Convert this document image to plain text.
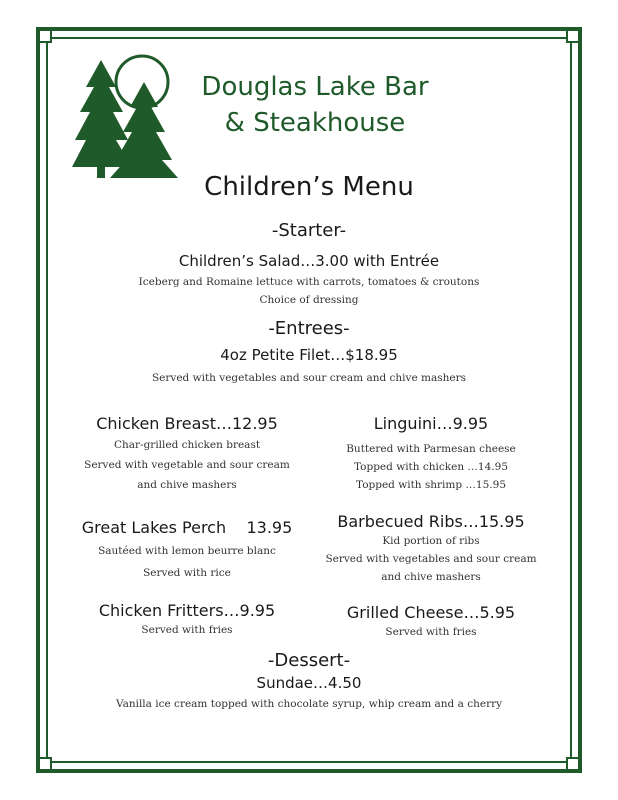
Douglas Lake Bar
& Steakhouse
Children’s Menu
-Starter-
Children’s Salad…3.00 with Entrée
Iceberg and Romaine lettuce with carrots, tomatoes & croutons
Choice of dressing
-Entrees-
4oz Petite Filet…$18.95
Served with vegetables and sour cream and chive mashers
Chicken Breast…12.95
Char-grilled chicken breast
Served with vegetable and sour cream
and chive mashers
Great Lakes Perch    13.95
Sautéed with lemon beurre blanc
Served with rice
Chicken Fritters…9.95
Served with fries
Linguini…9.95
Buttered with Parmesan cheese
Topped with chicken …14.95
Topped with shrimp …15.95
Barbecued Ribs…15.95
Kid portion of ribs
Served with vegetables and sour cream
and chive mashers
Grilled Cheese…5.95
Served with fries
-Dessert-
Sundae…4.50
Vanilla ice cream topped with chocolate syrup, whip cream and a cherry
